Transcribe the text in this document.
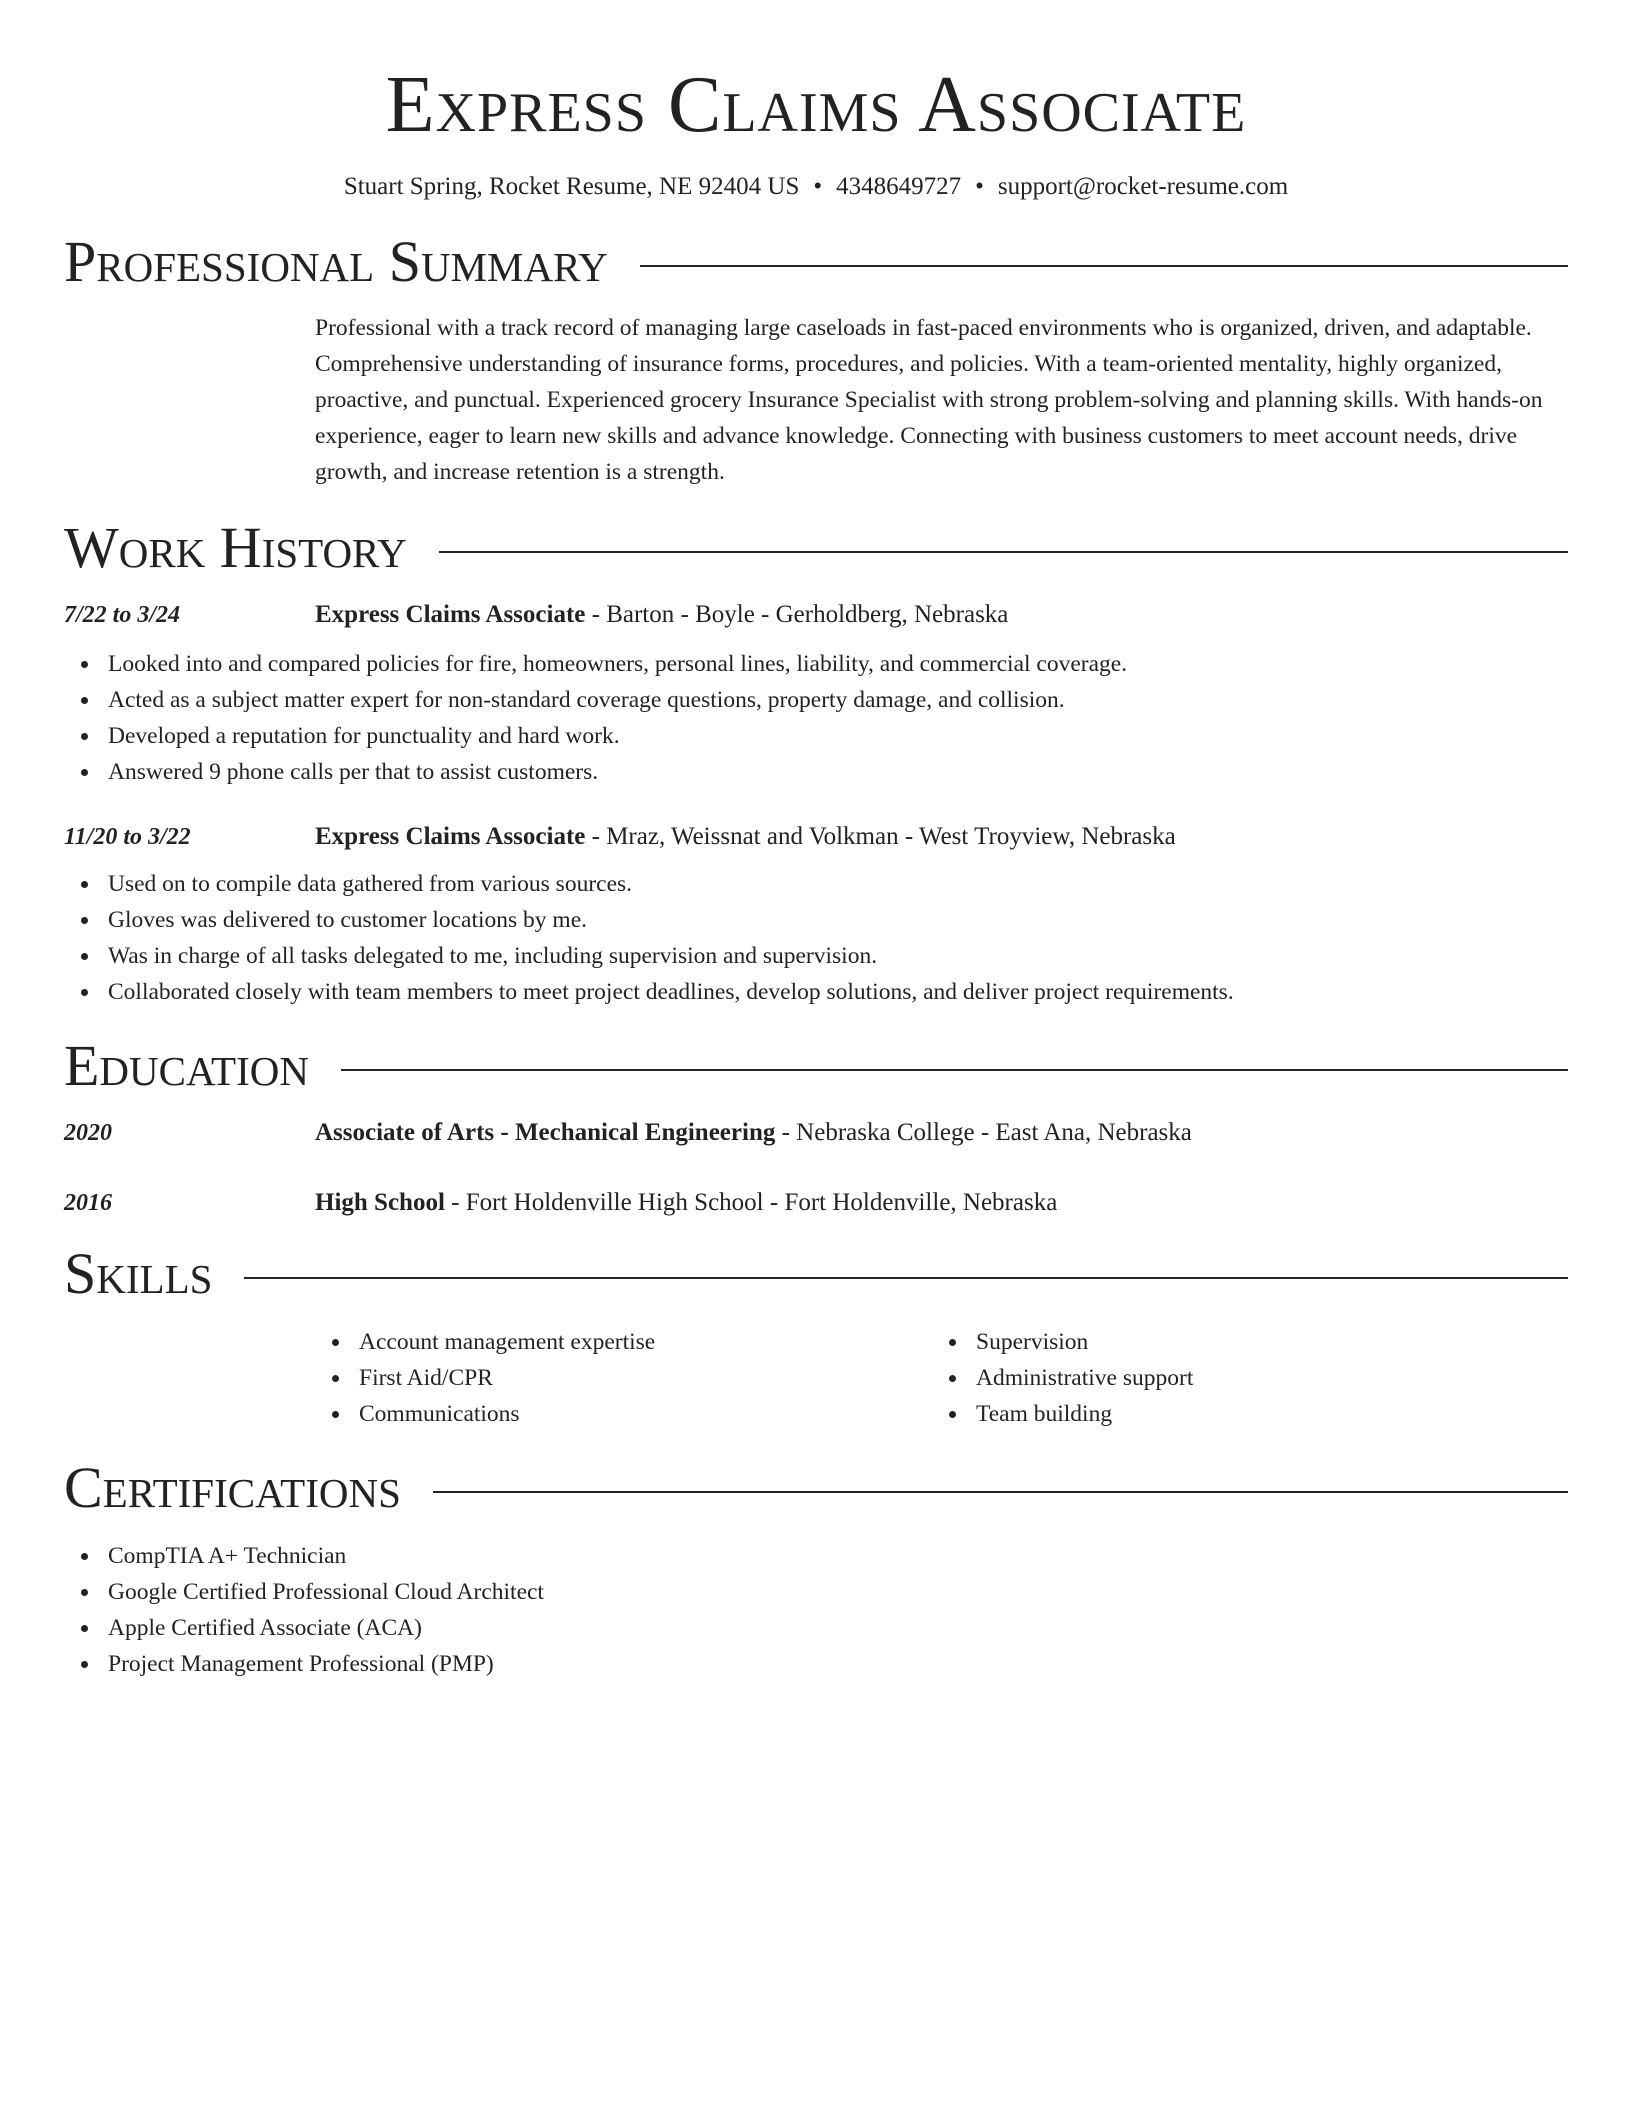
Express Claims Associate
Stuart Spring, Rocket Resume, NE 92404 US • 4348649727 • support@rocket-resume.com
Professional Summary

Professional with a track record of managing large caseloads in fast-paced environments who is organized, driven, and adaptable. Comprehensive understanding of insurance forms, procedures, and policies. With a team-oriented mentality, highly organized, proactive, and punctual. Experienced grocery Insurance Specialist with strong problem-solving and planning skills. With hands-on experience, eager to learn new skills and advance knowledge. Connecting with business customers to meet account needs, drive growth, and increase retention is a strength.

Work History
7/22 to 3/24	Express Claims Associate - Barton - Boyle - Gerholdberg, Nebraska
Looked into and compared policies for fire, homeowners, personal lines, liability, and commercial coverage.
Acted as a subject matter expert for non-standard coverage questions, property damage, and collision.
Developed a reputation for punctuality and hard work.
Answered 9 phone calls per that to assist customers.
11/20 to 3/22	Express Claims Associate - Mraz, Weissnat and Volkman - West Troyview, Nebraska
Used on to compile data gathered from various sources.
Gloves was delivered to customer locations by me.
Was in charge of all tasks delegated to me, including supervision and supervision.
Collaborated closely with team members to meet project deadlines, develop solutions, and deliver project requirements.
Education
2020	Associate of Arts - Mechanical Engineering - Nebraska College - East Ana, Nebraska
2016	High School - Fort Holdenville High School - Fort Holdenville, Nebraska
Skills
Account management expertise
First Aid/CPR
Communications
Supervision
Administrative support
Team building
Certifications
CompTIA A+ Technician
Google Certified Professional Cloud Architect
Apple Certified Associate (ACA)
Project Management Professional (PMP)
